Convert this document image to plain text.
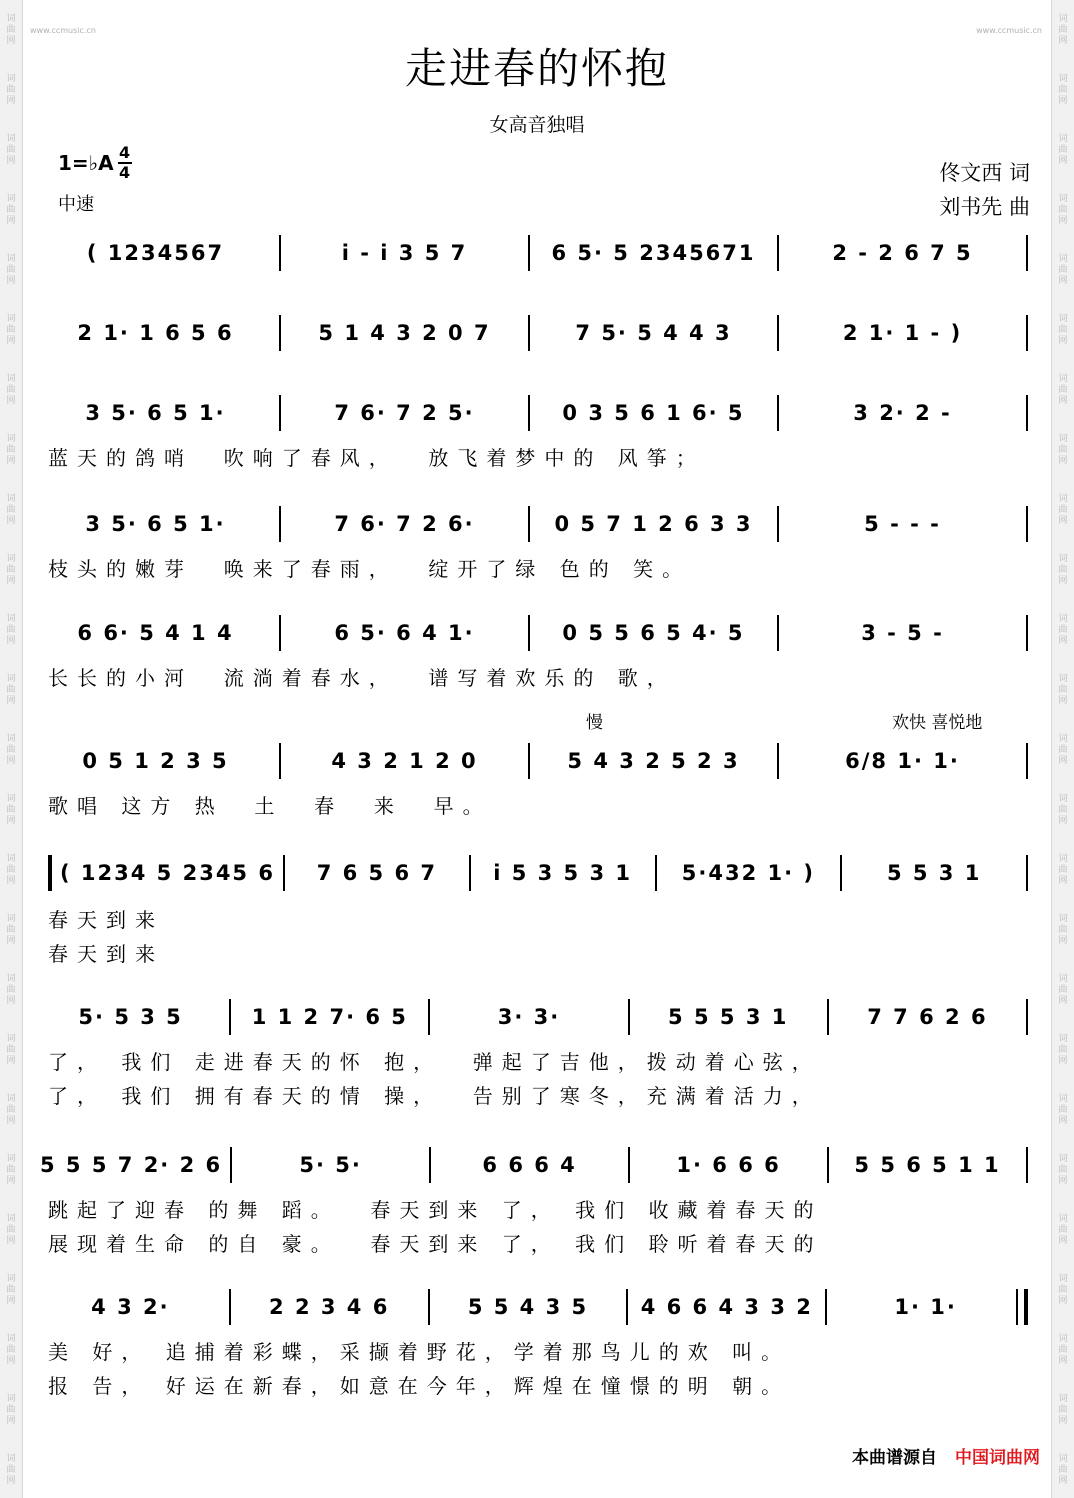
词
曲
网
词
曲
网
词
曲
网
词
曲
网
词
曲
网
词
曲
网
词
曲
网
词
曲
网
词
曲
网
词
曲
网
词
曲
网
词
曲
网
词
曲
网
词
曲
网
词
曲
网
词
曲
网
词
曲
网
词
曲
网
词
曲
网
词
曲
网
词
曲
网
词
曲
网
词
曲
网
词
曲
网
词
曲
网
词
曲
网
词
曲
网
词
曲
网
词
曲
网
词
曲
网
词
曲
网
词
曲
网
词
曲
网
词
曲
网
词
曲
网
词
曲
网
词
曲
网
词
曲
网
词
曲
网
词
曲
网
词
曲
网
词
曲
网
词
曲
网
词
曲
网
词
曲
网
词
曲
网
词
曲
网
词
曲
网
词
曲
网
词
曲
网
www.ccmusic.cn	www.ccmusic.cn
走进春的怀抱
女高音独唱
1=♭A 4
4
中速
佟文西 词
刘书先 曲
慢	欢快 喜悦地
( 1234567	i - i 3 5 7	6 5· 5 2345671	2 - 2 6 7 5
2 1· 1 6 5 6	5 1 4 3 2 0 7	7 5· 5 4 4 3	2 1· 1 - )
3 5· 6 5 1·	7 6· 7 2 5·	0 3 5 6 1 6· 5	3 2· 2 -
蓝天的鸽哨  吹响了春风，  放飞着梦中的 风筝；
3 5· 6 5 1·	7 6· 7 2 6·	0 5 7 1 2 6 3 3	5 - - -
枝头的嫩芽  唤来了春雨，  绽开了绿 色的 笑。
6 6· 5 4 1 4	6 5· 6 4 1·	0 5 5 6 5 4· 5	3 - 5 -
长长的小河  流淌着春水，  谱写着欢乐的 歌，
0 5 1 2 3 5	4 3 2 1 2 0	5 4 3 2 5 2 3	6/8 1· 1·
歌唱 这方 热  土  春  来  早。
( 1234 5 2345 6	7 6 5 6 7	i 5 3 5 3 1	5·432 1· )	5 5 3 1
春天到来
春天到来
5· 5 3 5	1 1 2 7· 6 5	3· 3·	5 5 5 3 1	7 7 6 2 6
了， 我们 走进春天的怀 抱，  弹起了吉他，拨动着心弦，
了， 我们 拥有春天的情 操，  告别了寒冬，充满着活力，
5 5 5 7 2· 2 6	5· 5·	6 6 6 4	1· 6 6 6	5 5 6 5 1 1
跳起了迎春 的舞 蹈。  春天到来 了， 我们 收藏着春天的
展现着生命 的自 豪。  春天到来 了， 我们 聆听着春天的
4 3 2·	2 2 3 4 6	5 5 4 3 5	4 6 6 4 3 3 2	1· 1·
美 好， 追捕着彩蝶，采撷着野花，学着那鸟儿的欢 叫。
报 告， 好运在新春，如意在今年，辉煌在憧憬的明 朝。
本曲谱源自 中国词曲网
